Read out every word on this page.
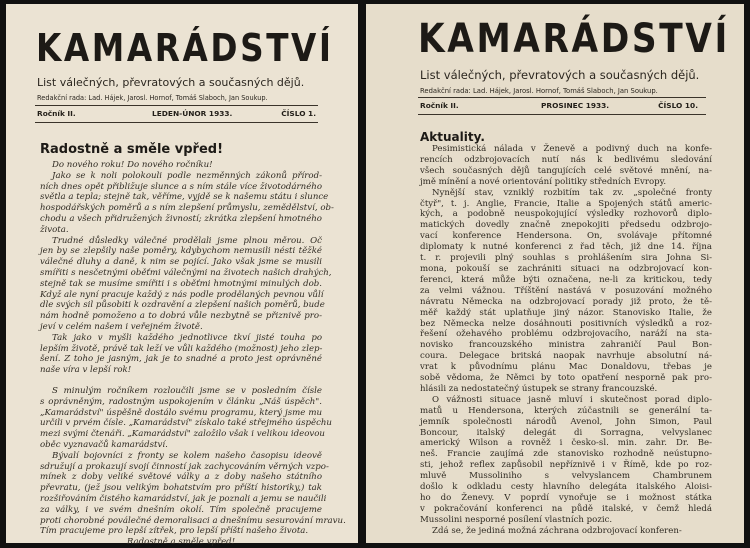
KAMARÁDSTVÍ
List válečných, převratových a současných dějů.
Redakční rada: Lad. Hájek, Jarosl. Hornof, Tomáš Slaboch, Jan Soukup.
Ročník II.	LEDEN-ÚNOR 1933.	ČÍSLO 1.
Radostně a směle vpřed!
Do nového roku! Do nového ročníku!
Jako se k noli polokouli podle nezměnných zákonů přírod-
ních dnes opět přibližuje slunce a s ním stále více životodárného
světla a tepla; stejně tak, věříme, vyjdě se k našemu státu i slunce
hospodářských poměrů a s ním zlepšení průmyslu, zemědělství, ob-
chodu a všech přidružených živností; zkrátka zlepšení hmotného
života.
Trudné důsledky válečné prodělali jsme plnou měrou. Oč
jen by se zlepšily naše poměry, kdybychom nemusili nésti těžké
válečné dluhy a daně, k nim se pojící. Jako však jsme se musili
smířiti s nesčetnými oběťmi válečnými na životech našich drahých,
stejně tak se musíme smířiti i s oběťmi hmotnými minulých dob.
Když ale nyní pracuje každý z nás podle prodělaných pevnou vůlí
dle svých sil působiti k ozdravění a zlepšení našich poměrů, bude
nám hodně pomoženo a to dobrá vůle nezbytně se přiznivě pro-
jeví v celém našem i veřejném životě.
Tak jako v myšli každého jednotlivce tkví jisté touha po
lepším životě, právě tak leží ve vůli každého (možnost) jeho zlep-
šení. Z toho je jasným, jak je to snadné a proto jest oprávněné
naše víra v lepší rok!
S minulým ročníkem rozloučili jsme se v posledním čísle
s oprávněným, radostným uspokojením v článku „Náš úspěch".
„Kamarádství" úspěšně dostálo svému programu, který jsme mu
určili v prvém čísle. „Kamarádství" získalo také střejmého úspěchu
mezi svými čtenáři. „Kamarádství" založilo však i velikou ideovou
oběc vyznavačů kamarádství.
Bývalí bojovníci z fronty se kolem našeho časopisu ideově
sdružují a prokazují svojí činností jak zachycováním věrných vzpo-
mínek z doby veliké světové války a z doby našeho státního
převratu, (jež jsou velikým bohatstvím pro příští historiky,) tak
rozšiřováním čistého kamarádství, jak je poznali a jemu se naučili
za války, i ve svém dnešním okolí. Tím společně pracujeme
proti chorobné poválečné demoralisaci a dnešnímu sesurování mravu.
Tím pracujeme pro lepší zítřek, pro lepší příští našeho života.
Radostně a směle vpřed!
KAMARÁDSTVÍ
List válečných, převratových a současných dějů.
Redakční rada: Lad. Hájek, Jarosl. Hornof, Tomáš Slaboch, Jan Soukup.
Ročník II.	PROSINEC 1933.	ČÍSLO 10.
Aktuality.
Pesimistická nálada v Ženevě a podivný duch na konfe-
rencích odzbrojovacích nutí nás k bedlivému sledování
všech současných dějů tangujících celé světové mnění, na-
jmě mínění a nové orientování politiky středních Evropy.
Nynější stav, vzniklý rozbitím tak zv. „společné fronty
čtyř", t. j. Anglie, Francie, Italie a Spojených států americ-
kých, a podobně neuspokojující výsledky rozhovorů diplo-
matických dovedly značně znepokojiti předsedu odzbrojo-
vací konference Hendersona. On, svolávaje přítomné
diplomaty k nutné konferenci z řad těch, již dne 14. října
t. r. projevili plný souhlas s prohlášením sira Johna Si-
mona, pokouší se zachrániti situaci na odzbrojovací kon-
ferenci, která může býti označena, ne-li za kritickou, tedy
za velmi vážnou. Tříštění nastává v posuzování možného
návratu Německa na odzbrojovací porady již proto, že tě-
měř každý stát uplatňuje jiný názor. Stanovisko Italie, že
bez Německa nelze dosáhnouti positivních výsledků a roz-
řešení ožehavého problému odzbrojovacího, naráží na sta-
novisko francouzského ministra zahraničí Paul Bon-
coura. Delegace britská naopak navrhuje absolutní ná-
vrat k původnímu plánu Mac Donaldovu, třebas je
sobě vědoma, že Němci by toto opatření nesporně pak pro-
hlásili za nedostatečný ústupek se strany francouzské.
O vážnosti situace jasně mluví i skutečnost porad diplo-
matů u Hendersona, kterých zúčastnili se generální ta-
jemník společnosti národů Avenol, John Simon, Paul
Boncour, italský delegát di Sorragna, velvyslanec
americký Wilson a rovněž i česko-sl. min. zahr. Dr. Be-
neš. Francie zaujímá zde stanovisko rozhodně neústupno-
sti, jehož reflex zapůsobil nepříznivě i v Římě, kde po roz-
mluvě Mussoliniho s velvyslancem Chambrunem
došlo k odkladu cesty hlavního delegáta italského Aloisi-
ho do Ženevy. V poprdí vynořuje se i možnost státka
v pokračování konferenci na půdě italské, v čemž hledá
Mussolini nesporné posílení vlastních pozic.
Zdá se, že jediná možná záchrana odzbrojovací konferen-
